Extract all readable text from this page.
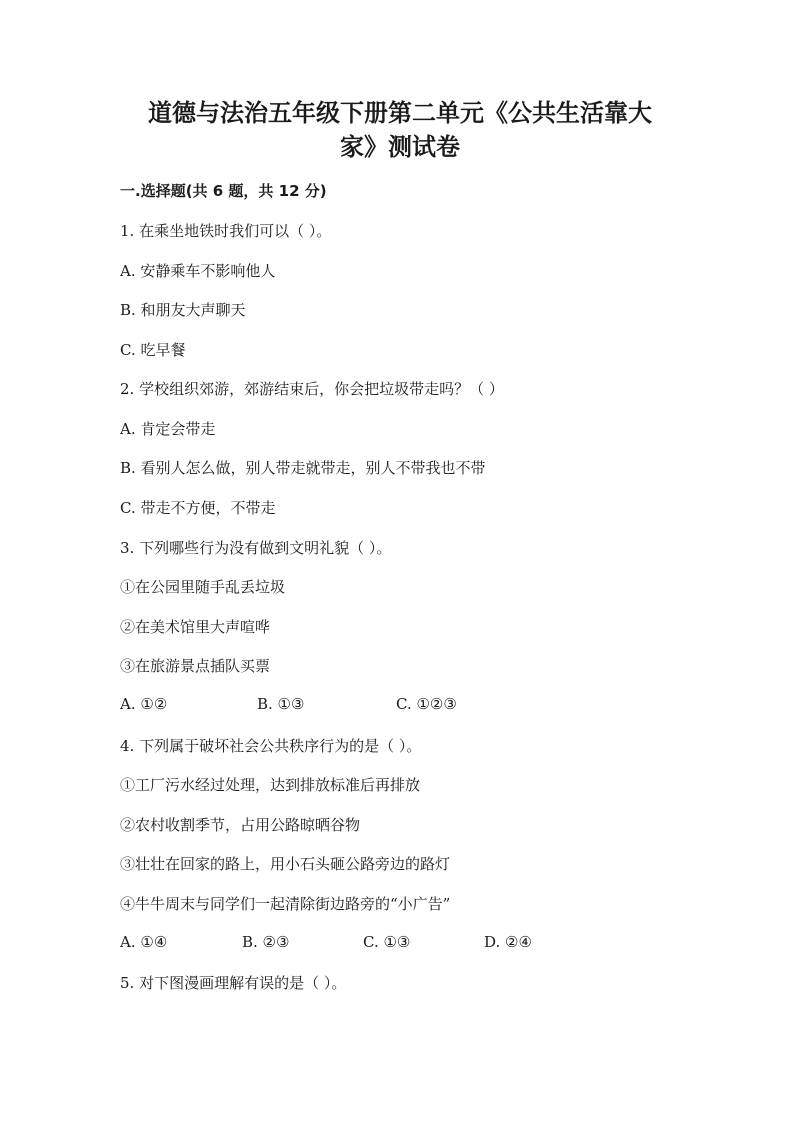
道德与法治五年级下册第二单元《公共生活靠大
家》测试卷

一.选择题(共 6 题，共 12 分)

1. 在乘坐地铁时我们可以（ ）。

A. 安静乘车不影响他人

B. 和朋友大声聊天

C. 吃早餐

2. 学校组织郊游，郊游结束后，你会把垃圾带走吗？（ ）

A. 肯定会带走

B. 看别人怎么做，别人带走就带走，别人不带我也不带

C. 带走不方便，不带走

3. 下列哪些行为没有做到文明礼貌（ ）。

①在公园里随手乱丢垃圾

②在美术馆里大声喧哗

③在旅游景点插队买票

A. ①②	B. ①③	C. ①②③

4. 下列属于破坏社会公共秩序行为的是（ ）。

①工厂污水经过处理，达到排放标准后再排放

②农村收割季节，占用公路晾晒谷物

③壮壮在回家的路上，用小石头砸公路旁边的路灯

④牛牛周末与同学们一起清除街边路旁的“小广告”

A. ①④	B. ②③	C. ①③	D. ②④

5. 对下图漫画理解有误的是（ ）。
